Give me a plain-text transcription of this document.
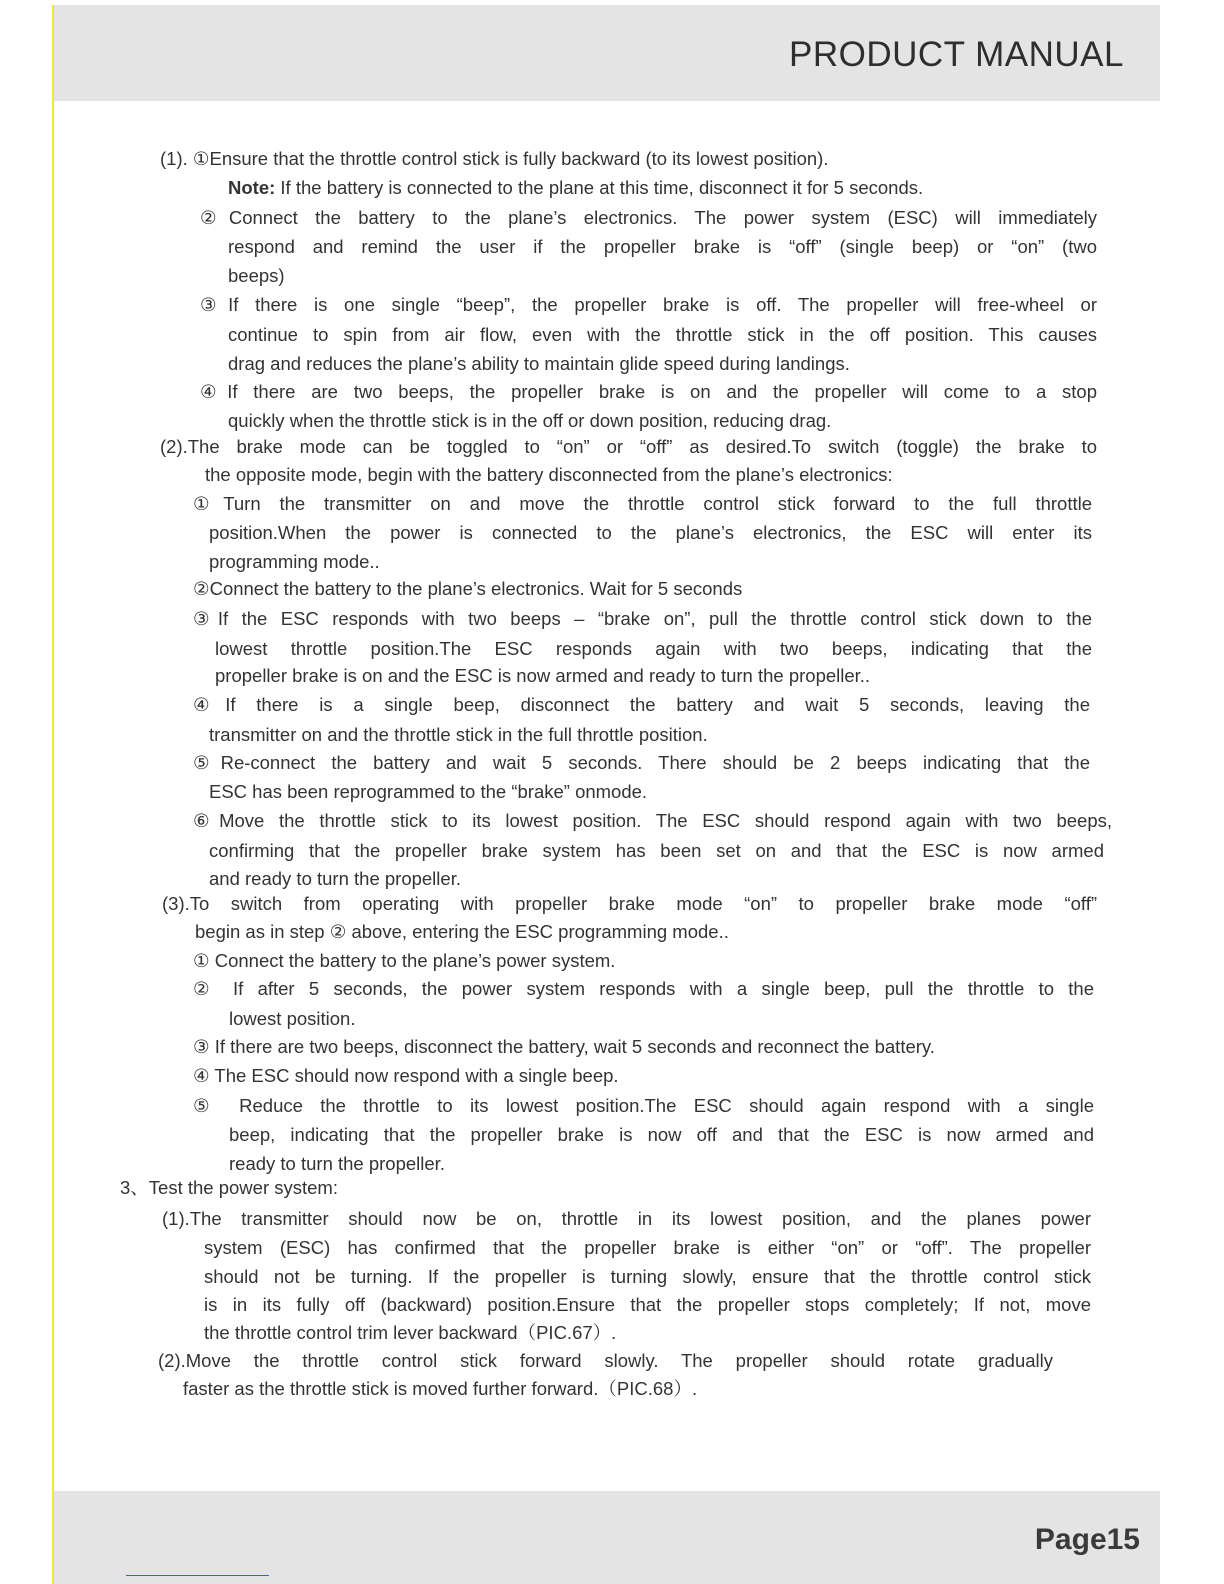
PRODUCT MANUAL
(1). ①Ensure that the throttle control stick is fully backward (to its lowest position).
Note: If the battery is connected to the plane at this time, disconnect it for 5 seconds.
②Connect the battery to the plane’s electronics. The power system (ESC) will immediately
respond and remind the user if the propeller brake is “off” (single beep) or “on” (two
beeps)
③If there is one single “beep”, the propeller brake is off. The propeller will free-wheel or
continue to spin from air flow, even with the throttle stick in the off position. This causes
drag and reduces the plane’s ability to maintain glide speed during landings.
④If there are two beeps, the propeller brake is on and the propeller will come to a stop
quickly when the throttle stick is in the off or down position, reducing drag.
(2).The brake mode can be toggled to “on” or “off” as desired.To switch (toggle) the brake to
the opposite mode, begin with the battery disconnected from the plane’s electronics:
①Turn the transmitter on and move the throttle control stick forward to the full throttle
position.When the power is connected to the plane’s electronics, the ESC will enter its
programming mode..
②Connect the battery to the plane’s electronics. Wait for 5 seconds
③If the ESC responds with two beeps – “brake on”, pull the throttle control stick down to the
lowest throttle position.The ESC responds again with two beeps, indicating that the
propeller brake is on and the ESC is now armed and ready to turn the propeller..
④If there is a single beep, disconnect the battery and wait 5 seconds, leaving the
transmitter on and the throttle stick in the full throttle position.
⑤Re-connect the battery and wait 5 seconds. There should be 2 beeps indicating that the
ESC has been reprogrammed to the “brake” onmode.
⑥Move the throttle stick to its lowest position. The ESC should respond again with two beeps,
confirming that the propeller brake system has been set on and that the ESC is now armed
and ready to turn the propeller.
(3).To switch from operating with propeller brake mode “on” to propeller brake mode “off”
begin as in step ② above, entering the ESC programming mode..
① Connect the battery to the plane’s power system.
② If after 5 seconds, the power system responds with a single beep, pull the throttle to the
lowest position.
③ If there are two beeps, disconnect the battery, wait 5 seconds and reconnect the battery.
④ The ESC should now respond with a single beep.
⑤ Reduce the throttle to its lowest position.The ESC should again respond with a single
beep, indicating that the propeller brake is now off and that the ESC is now armed and
ready to turn the propeller.
3、Test the power system:
(1).The transmitter should now be on, throttle in its lowest position, and the planes power
system (ESC) has confirmed that the propeller brake is either “on” or “off”. The propeller
should not be turning. If the propeller is turning slowly, ensure that the throttle control stick
is in its fully off (backward) position.Ensure that the propeller stops completely; If not, move
the throttle control trim lever backward（PIC.67）.
(2).Move the throttle control stick forward slowly. The propeller should rotate gradually
faster as the throttle stick is moved further forward.（PIC.68）.
Page15
